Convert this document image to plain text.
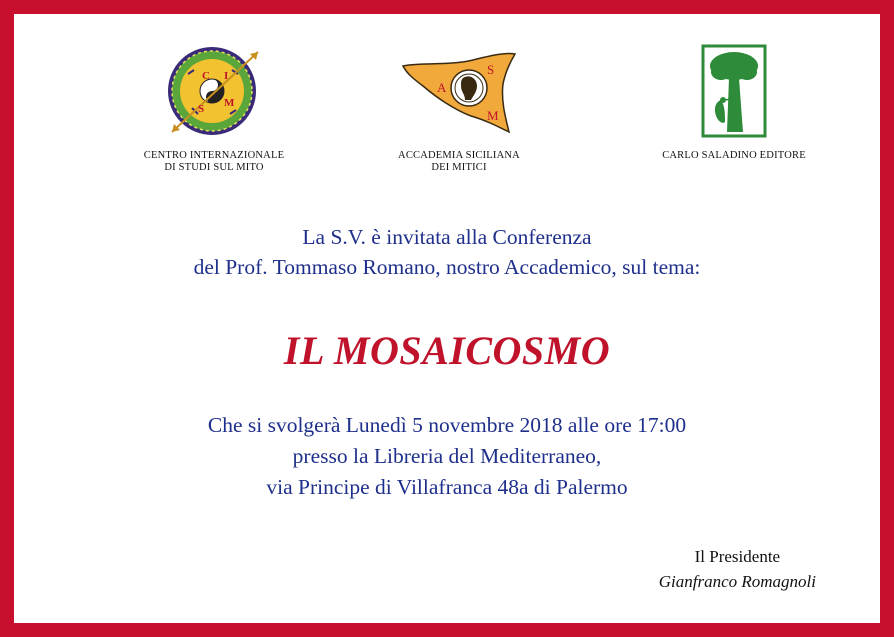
C I
S M
CENTRO INTERNAZIONALE
DI STUDI SUL MITO
A
S
M
ACCADEMIA SICILIANA
DEI MITICI
CARLO SALADINO EDITORE
La S.V. è invitata alla Conferenza
del Prof. Tommaso Romano, nostro Accademico, sul tema:
IL MOSAICOSMO
Che si svolgerà Lunedì 5 novembre 2018 alle ore 17:00
presso la Libreria del Mediterraneo,
via Principe di Villafranca 48a di Palermo
Il Presidente
Gianfranco Romagnoli
